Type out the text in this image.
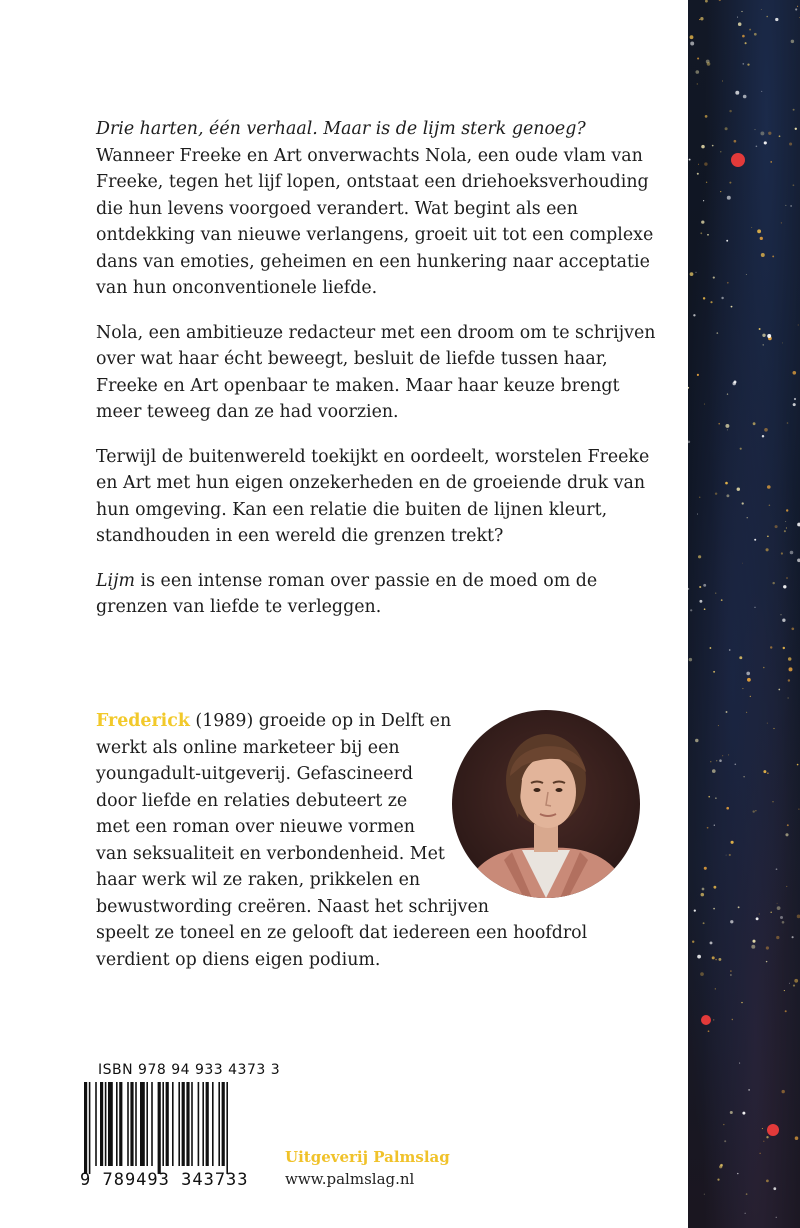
Drie harten, één verhaal. Maar is de lijm sterk genoeg? Wanneer Freeke en Art onverwachts Nola, een oude vlam van Freeke, tegen het lijf lopen, ontstaat een driehoeksverhouding die hun levens voorgoed verandert. Wat begint als een ontdekking van nieuwe verlangens, groeit uit tot een complexe dans van emoties, geheimen en een hunkering naar acceptatie van hun onconventionele liefde.

Nola, een ambitieuze redacteur met een droom om te schrijven over wat haar écht beweegt, besluit de liefde tussen haar, Freeke en Art openbaar te maken. Maar haar keuze brengt meer teweeg dan ze had voorzien.

Terwijl de buitenwereld toekijkt en oordeelt, worstelen Freeke en Art met hun eigen onzekerheden en de groeiende druk van hun omgeving. Kan een relatie die buiten de lijnen kleurt, standhouden in een wereld die grenzen trekt?

Lijm is een intense roman over passie en de moed om de grenzen van liefde te verleggen.

Frederick (1989) groeide op in Delft en werkt als online marketeer bij een youngadult-uitgeverij. Gefascineerd door liefde en relaties debuteert ze met een roman over nieuwe vormen van seksualiteit en verbondenheid. Met haar werk wil ze raken, prikkelen en bewustwording creëren. Naast het schrijven speelt ze toneel en ze gelooft dat iedereen een hoofdrol verdient op diens eigen podium.
ISBN 978 94 933 4373 3
9 789493 343733
Uitgeverij Palmslag
www.palmslag.nl
